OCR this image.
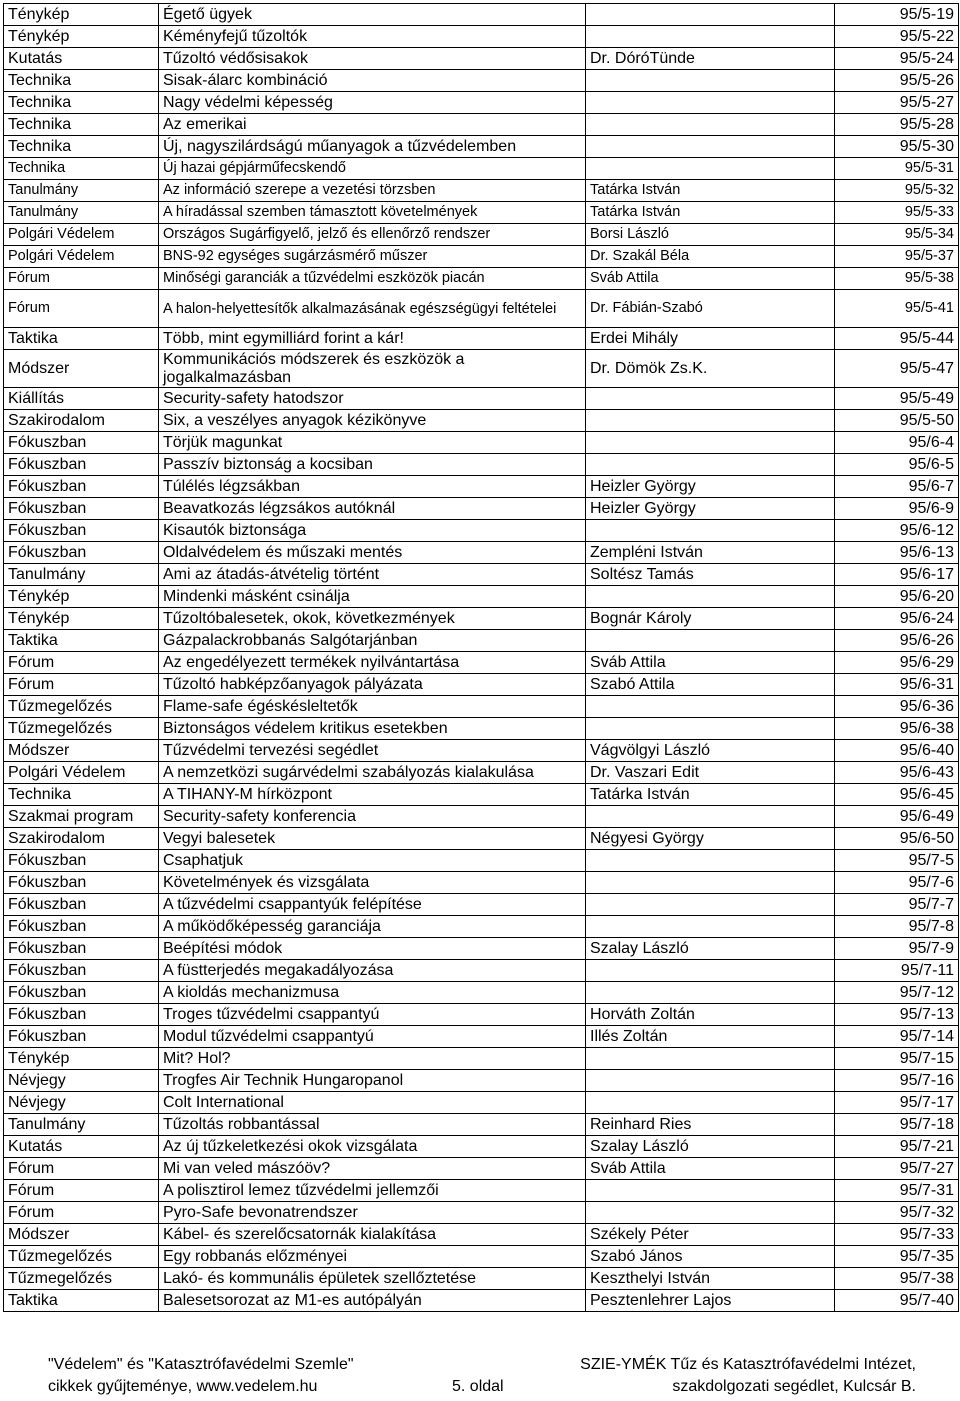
Ténykép	Égető ügyek		95/5-19
Ténykép	Kéményfejű tűzoltók		95/5-22
Kutatás	Tűzoltó védősisakok	Dr. DóróTünde	95/5-24
Technika	Sisak-álarc kombináció		95/5-26
Technika	Nagy védelmi képesség		95/5-27
Technika	Az emerikai		95/5-28
Technika	Új, nagyszilárdságú műanyagok a tűzvédelemben		95/5-30
Technika	Új hazai gépjárműfecskendő		95/5-31
Tanulmány	Az információ szerepe a vezetési törzsben	Tatárka István	95/5-32
Tanulmány	A híradással szemben támasztott követelmények	Tatárka István	95/5-33
Polgári Védelem	Országos Sugárfigyelő, jelző és ellenőrző rendszer	Borsi László	95/5-34
Polgári Védelem	BNS-92 egységes sugárzásmérő műszer	Dr. Szakál Béla	95/5-37
Fórum	Minőségi garanciák a tűzvédelmi eszközök piacán	Sváb Attila	95/5-38
Fórum	A halon-helyettesítők alkalmazásának egészségügyi feltételei	Dr. Fábián-Szabó	95/5-41
Taktika	Több, mint egymilliárd forint a kár!	Erdei Mihály	95/5-44
Módszer	Kommunikációs módszerek és eszközök a jogalkalmazásban	Dr. Dömök Zs.K.	95/5-47
Kiállítás	Security-safety hatodszor		95/5-49
Szakirodalom	Six, a veszélyes anyagok kézikönyve		95/5-50
Fókuszban	Törjük magunkat		95/6-4
Fókuszban	Passzív biztonság a kocsiban		95/6-5
Fókuszban	Túlélés légzsákban	Heizler György	95/6-7
Fókuszban	Beavatkozás légzsákos autóknál	Heizler György	95/6-9
Fókuszban	Kisautók biztonsága		95/6-12
Fókuszban	Oldalvédelem és műszaki mentés	Zempléni István	95/6-13
Tanulmány	Ami az átadás-átvételig történt	Soltész Tamás	95/6-17
Ténykép	Mindenki másként csinálja		95/6-20
Ténykép	Tűzoltóbalesetek, okok, következmények	Bognár Károly	95/6-24
Taktika	Gázpalackrobbanás Salgótarjánban		95/6-26
Fórum	Az engedélyezett termékek nyilvántartása	Sváb Attila	95/6-29
Fórum	Tűzoltó habképzőanyagok pályázata	Szabó Attila	95/6-31
Tűzmegelőzés	Flame-safe égéskésleltetők		95/6-36
Tűzmegelőzés	Biztonságos védelem kritikus esetekben		95/6-38
Módszer	Tűzvédelmi tervezési segédlet	Vágvölgyi László	95/6-40
Polgári Védelem	A nemzetközi sugárvédelmi szabályozás kialakulása	Dr. Vaszari Edit	95/6-43
Technika	A TIHANY-M hírközpont	Tatárka István	95/6-45
Szakmai program	Security-safety konferencia		95/6-49
Szakirodalom	Vegyi balesetek	Négyesi György	95/6-50
Fókuszban	Csaphatjuk		95/7-5
Fókuszban	Követelmények és vizsgálata		95/7-6
Fókuszban	A tűzvédelmi csappantyúk felépítése		95/7-7
Fókuszban	A működőképesség garanciája		95/7-8
Fókuszban	Beépítési módok	Szalay László	95/7-9
Fókuszban	A füstterjedés megakadályozása		95/7-11
Fókuszban	A kioldás mechanizmusa		95/7-12
Fókuszban	Troges tűzvédelmi csappantyú	Horváth Zoltán	95/7-13
Fókuszban	Modul tűzvédelmi csappantyú	Illés Zoltán	95/7-14
Ténykép	Mit? Hol?		95/7-15
Névjegy	Trogfes Air Technik Hungaropanol		95/7-16
Névjegy	Colt International		95/7-17
Tanulmány	Tűzoltás robbantással	Reinhard Ries	95/7-18
Kutatás	Az új tűzkeletkezési okok vizsgálata	Szalay László	95/7-21
Fórum	Mi van veled mászóöv?	Sváb Attila	95/7-27
Fórum	A polisztirol lemez tűzvédelmi jellemzői		95/7-31
Fórum	Pyro-Safe bevonatrendszer		95/7-32
Módszer	Kábel- és szerelőcsatornák kialakítása	Székely Péter	95/7-33
Tűzmegelőzés	Egy robbanás előzményei	Szabó János	95/7-35
Tűzmegelőzés	Lakó- és kommunális épületek szellőztetése	Keszthelyi István	95/7-38
Taktika	Balesetsorozat az M1-es autópályán	Pesztenlehrer Lajos	95/7-40
"Védelem" és "Katasztrófavédelmi Szemle"
cikkek gyűjteménye, www.vedelem.hu	5. oldal
SZIE-YMÉK Tűz és Katasztrófavédelmi Intézet,
szakdolgozati segédlet, Kulcsár B.
